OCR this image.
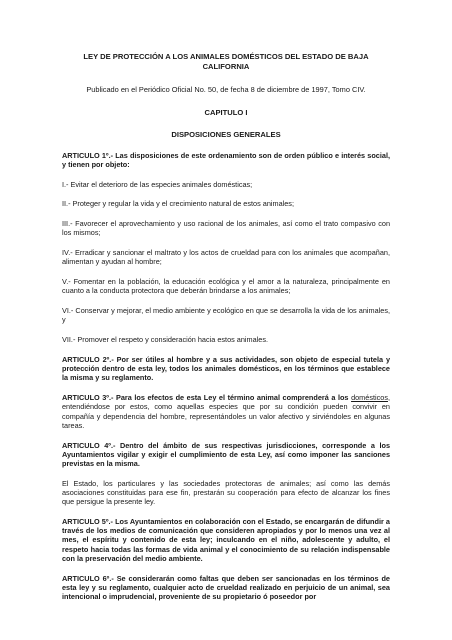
LEY DE PROTECCIÓN A LOS ANIMALES DOMÉSTICOS DEL ESTADO DE BAJA CALIFORNIA
Publicado en el Periódico Oficial No. 50, de fecha 8 de diciembre de 1997, Tomo CIV.
CAPITULO I
DISPOSICIONES GENERALES
ARTICULO 1º.- Las disposiciones de este ordenamiento son de orden público e interés social, y tienen por objeto:
I.- Evitar el deterioro de las especies animales domésticas;
II.- Proteger y regular la vida y el crecimiento natural de estos animales;
III.- Favorecer el aprovechamiento y uso racional de los animales, así como el trato compasivo con los mismos;
IV.- Erradicar y sancionar el maltrato y los actos de crueldad para con los animales que acompañan, alimentan y ayudan al hombre;
V.- Fomentar en la población, la educación ecológica y el amor a la naturaleza, principalmente en cuanto a la conducta protectora que deberán brindarse a los animales;
VI.- Conservar y mejorar, el medio ambiente y ecológico en que se desarrolla la vida de los animales, y
VII.- Promover el respeto y consideración hacia estos animales.
ARTICULO 2º.- Por ser útiles al hombre y a sus actividades, son objeto de especial tutela y protección dentro de esta ley, todos los animales domésticos, en los términos que establece la misma y su reglamento.
ARTICULO 3º.- Para los efectos de esta Ley el término animal comprenderá a los domésticos, entendiéndose por estos, como aquellas especies que por su condición pueden convivir en compañía y dependencia del hombre, representándoles un valor afectivo y sirviéndoles en algunas tareas.
ARTICULO 4º.- Dentro del ámbito de sus respectivas jurisdicciones, corresponde a los Ayuntamientos vigilar y exigir el cumplimiento de esta Ley, así como imponer las sanciones previstas en la misma.
El Estado, los particulares y las sociedades protectoras de animales; así como las demás asociaciones constituidas para ese fin, prestarán su cooperación para efecto de alcanzar los fines que persigue la presente ley.
ARTICULO 5º.- Los Ayuntamientos en colaboración con el Estado, se encargarán de difundir a través de los medios de comunicación que consideren apropiados y por lo menos una vez al mes, el espíritu y contenido de esta ley; inculcando en el niño, adolescente y adulto, el respeto hacia todas las formas de vida animal y el conocimiento de su relación indispensable con la preservación del medio ambiente.
ARTICULO 6º.- Se considerarán como faltas que deben ser sancionadas en los términos de esta ley y su reglamento, cualquier acto de crueldad realizado en perjuicio de un animal, sea intencional o imprudencial, proveniente de su propietario ó poseedor por
